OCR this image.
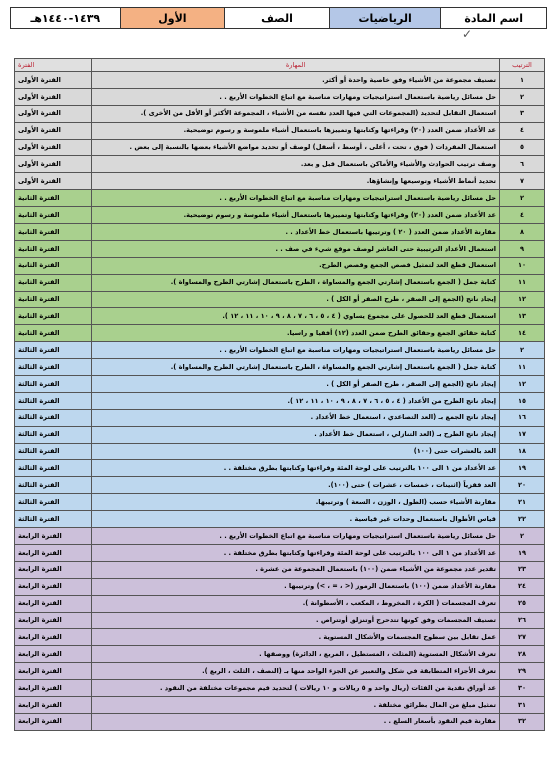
١٤٣٩-١٤٤٠هـ	الأول	الصف	الرياضيات	اسم المادة
✓
الفترة	المهارة	الترتيب
الفترة الأولى	تصنيف مجموعة من الأشياء وفق خاصية واحدة أو أكثر.	١
الفترة الأولى	حل مسائل رياضية باستعمال استراتيجيات ومهارات مناسبة مع اتباع الخطوات الأربع . .	٢
الفترة الأولى	استعمال التقابل لتحديد (المجموعات التي فيها العدد نفسه من الأشياء ، المجموعة الأكثر أو الأقل من الأخرى ).	٣
الفترة الأولى	عد الأعداد ضمن العدد (٢٠) وقراءتها وكتابتها وتمييزها باستعمال أشياء ملموسة و رسوم توضيحية.	٤
الفترة الأولى	استعمال المفردات ( فوق ، تحت ، أعلى ، أوسط ، أسفل) لوصف أو تحديد مواضع الأشياء بعضها بالنسبة إلى بعض .	٥
الفترة الأولى	وصف ترتيب الحوادث والأشياء والأماكن باستعمال قبل و بعد.	٦
الفترة الأولى	تحديد أنماط الأشياء وتوسيعها وإنشاؤها.	٧
الفترة الثانية	حل مسائل رياضية باستعمال استراتيجيات ومهارات مناسبة مع اتباع الخطوات الأربع . .	٢
الفترة الثانية	عد الأعداد ضمن العدد (٢٠) وقراءتها وكتابتها وتمييزها باستعمال أشياء ملموسة و رسوم توضيحية.	٤
الفترة الثانية	مقارنة الأعداد ضمن العدد ( ٢٠ ) وترتيبها باستعمال خط الأعداد . .	٨
الفترة الثانية	استعمال الأعداد الترتيبية حتى العاشر لوصف موقع شيء في صف . .	٩
الفترة الثانية	استعمال قطع العد لتمثيل قصص الجمع وقصص الطرح.	١٠
الفترة الثانية	كتابة جمل ( الجمع باستعمال إشارتي الجمع والمساواة ، الطرح باستعمال إشارتي الطرح والمساواة ).	١١
الفترة الثانية	إيجاد ناتج (الجمع إلى الصفر ، طرح الصفر أو الكل ) .	١٢
الفترة الثانية	استعمال قطع العد للحصول على مجموع يساوي ( ٤ ، ٥ ، ٦ ، ٧ ، ٨ ، ٩ ، ١٠ ، ١١ ، ١٢ ).	١٣
الفترة الثانية	كتابة حقائق الجمع وحقائق الطرح ضمن العدد (١٢) أفقيا و راسيا.	١٤
الفترة الثالثة	حل مسائل رياضية باستعمال استراتيجيات ومهارات مناسبة مع اتباع الخطوات الأربع . .	٢
الفترة الثالثة	كتابة جمل ( الجمع باستعمال إشارتي الجمع والمساواة ، الطرح باستعمال إشارتي الطرح والمساواة ).	١١
الفترة الثالثة	إيجاد ناتج (الجمع إلى الصفر ، طرح الصفر أو الكل ) .	١٢
الفترة الثالثة	إيجاد ناتج الطرح من الأعداد ( ٤ ، ٥ ، ٦ ، ٧ ، ٨ ، ٩ ، ١٠ ، ١١ ، ١٢ ).	١٥
الفترة الثالثة	إيجاد ناتج الجمع بـ (العد التصاعدي ، استعمال خط الأعداد .	١٦
الفترة الثالثة	إيجاد ناتج الطرح بـ (العد التنازلي ، استعمال خط الأعداد .	١٧
الفترة الثالثة	العد بالعشرات حتى (١٠٠)	١٨
الفترة الثالثة	عد الأعداد من ١ الى ١٠٠ بالترتيب على لوحة المئة وقراءتها وكتابتها بطرق مختلفة . .	١٩
الفترة الثالثة	العد قفزياً (اثنينات ، خمسات ، عشرات ) حتى (١٠٠).	٢٠
الفترة الثالثة	مقارنة الأشياء حسب (الطول ، الوزن ، السعة ) وترتيبها.	٢١
الفترة الثالثة	قياس الأطوال باستعمال وحدات غير قياسية .	٢٢
الفترة الرابعة	حل مسائل رياضية باستعمال استراتيجيات ومهارات مناسبة مع اتباع الخطوات الأربع . .	٢
الفترة الرابعة	عد الأعداد من ١ الى ١٠٠ بالترتيب على لوحة المئة وقراءتها وكتابتها بطرق مختلفة . .	١٩
الفترة الرابعة	تقدير عدد مجموعة من الأشياء ضمن (١٠٠) باستعمال المجموعة من عشرة .	٢٣
الفترة الرابعة	مقارنة الأعداد ضمن (١٠٠) باستعمال الرموز (< ، = ، >) وترتيبها .	٢٤
الفترة الرابعة	تعرف المجسمات ( الكرة ، المخروط ، المكعب ، الأسطوانة ).	٢٥
الفترة الرابعة	تصنيف المجسمات وفق كونها تتدحرج أوتنزلق أوتتراص .	٢٦
الفترة الرابعة	عمل تقابل بين سطوح المجسمات والأشكال المستوية .	٢٧
الفترة الرابعة	تعرف الأشكال المستوية (المثلث ، المستطيل ، المربع ، الدائرة) ووصفها .	٢٨
الفترة الرابعة	تعرف الأجزاء المتطابقة في شكل والتعبير عن الجزء الواحد منها بـ (النصف ، الثلث ، الربع ).	٢٩
الفترة الرابعة	عد أوراق نقدية من الفئات (ريال واحد و ٥ ريالات و ١٠ ريالات ) لتحديد قيم مجموعات مختلفة من النقود .	٣٠
الفترة الرابعة	تمثيل مبلغ من المال بطرائق مختلفة .	٣١
الفترة الرابعة	مقارنة قيم النقود بأسعار السلع . .	٣٢
